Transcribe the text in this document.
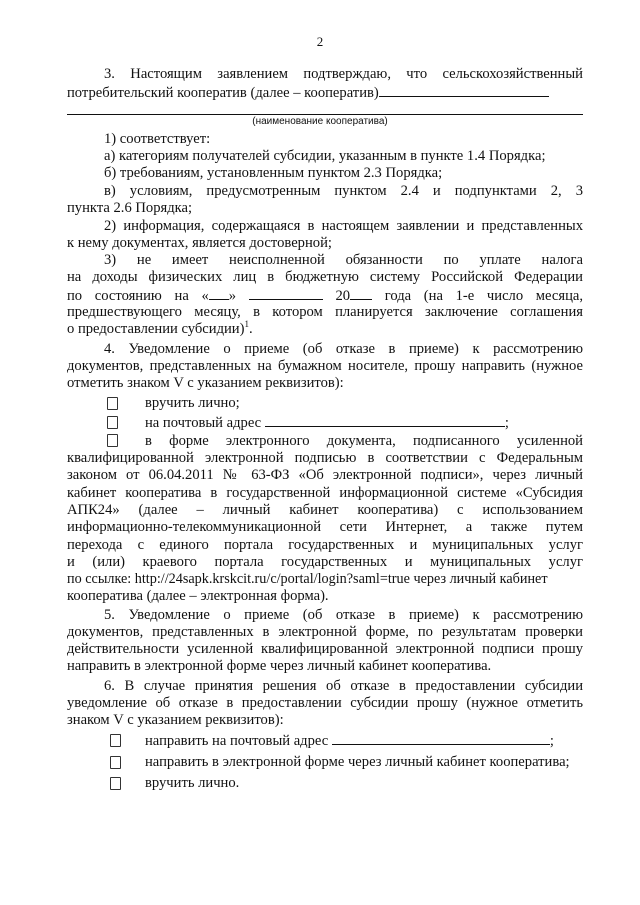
2
3. Настоящим заявлением подтверждаю, что сельскохозяйственный
потребительский кооператив (далее – кооператив)
(наименование кооператива)
1) соответствует:
а) категориям получателей субсидии, указанным в пункте 1.4 Порядка;
б) требованиям, установленным пунктом 2.3 Порядка;
в) условиям, предусмотренным пунктом 2.4 и подпунктами 2, 3
пункта 2.6 Порядка;
2) информация, содержащаяся в настоящем заявлении и представленных
к нему документах, является достоверной;
3) не имеет неисполненной обязанности по уплате налога
на доходы физических лиц в бюджетную систему Российской Федерации
по состоянию на « »	20 года (на 1-е число месяца,
предшествующего месяцу, в котором планируется заключение соглашения
о предоставлении субсидии)$^1$.
4. Уведомление о приеме (об отказе в приеме) к рассмотрению
документов, представленных на бумажном носителе, прошу направить (нужное
отметить знаком V с указанием реквизитов):
вручить лично;
на почтовый адрес	;
в форме электронного документа, подписанного усиленной
квалифицированной электронной подписью в соответствии с Федеральным
законом от 06.04.2011 № 63-ФЗ «Об электронной подписи», через личный
кабинет кооператива в государственной информационной системе «Субсидия
АПК24» (далее – личный кабинет кооператива) с использованием
информационно-телекоммуникационной сети Интернет, а также путем
перехода с единого портала государственных и муниципальных услуг
и (или) краевого портала государственных и муниципальных услуг
по ссылке: http://24sapk.krskcit.ru/c/portal/login?saml=true через личный кабинет
кооператива (далее – электронная форма).
5. Уведомление о приеме (об отказе в приеме) к рассмотрению
документов, представленных в электронной форме, по результатам проверки
действительности усиленной квалифицированной электронной подписи прошу
направить в электронной форме через личный кабинет кооператива.
6. В случае принятия решения об отказе в предоставлении субсидии
уведомление об отказе в предоставлении субсидии прошу (нужное отметить
знаком V с указанием реквизитов):
направить на почтовый адрес	;
направить в электронной форме через личный кабинет кооператива;
вручить лично.
